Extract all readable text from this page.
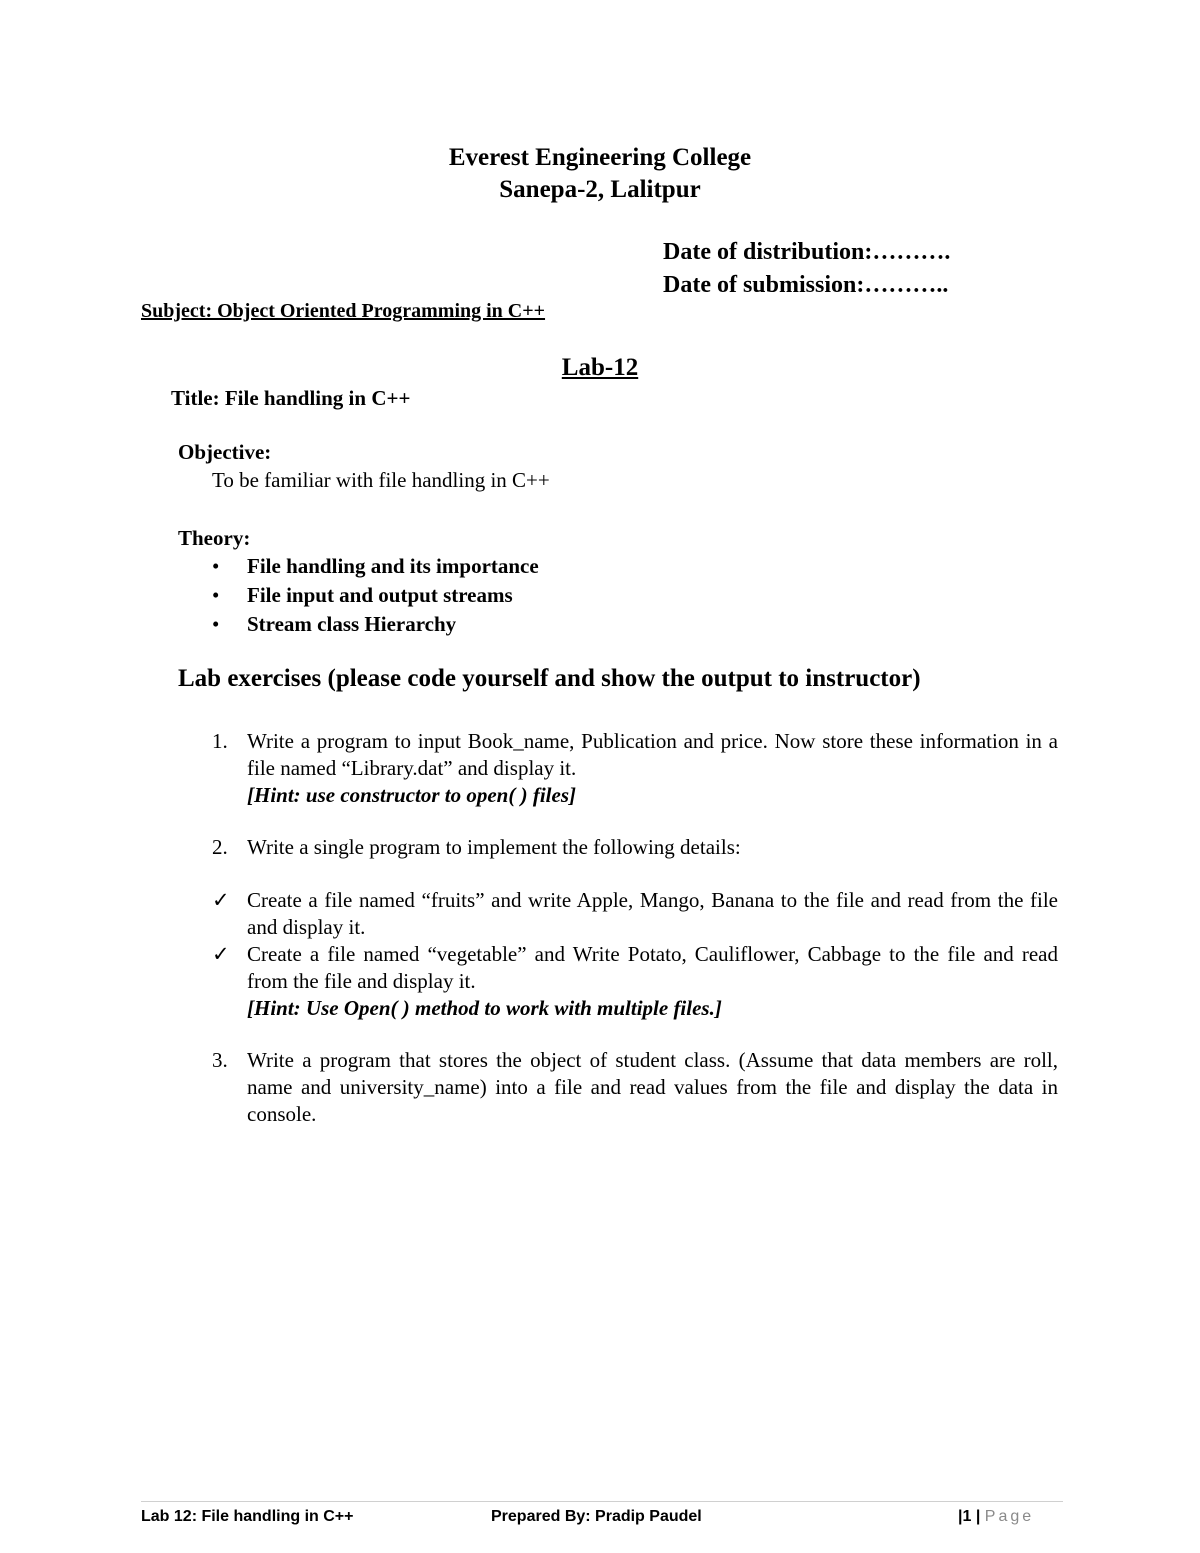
Everest Engineering College
Sanepa-2, Lalitpur
Date of distribution:……….
Date of submission:………..
Subject: Object Oriented Programming in C++
Lab-12
Title: File handling in C++
Objective:
To be familiar with file handling in C++
Theory:
• File handling and its importance
• File input and output streams
• Stream class Hierarchy
Lab exercises (please code yourself and show the output to instructor)
1. Write a program to input Book_name, Publication and price. Now store these information in a file named “Library.dat” and display it.
[Hint: use constructor to open( ) files]
2. Write a single program to implement the following details:
✓ Create a file named “fruits” and write Apple, Mango, Banana to the file and read from the file and display it.
✓ Create a file named “vegetable” and Write Potato, Cauliflower, Cabbage to the file and read from the file and display it.
[Hint: Use Open( ) method to work with multiple files.]
3. Write a program that stores the object of student class. (Assume that data members are roll, name and university_name) into a file and read values from the file and display the data in console.
Lab 12: File handling in C++	Prepared By: Pradip Paudel	|1 | Page
